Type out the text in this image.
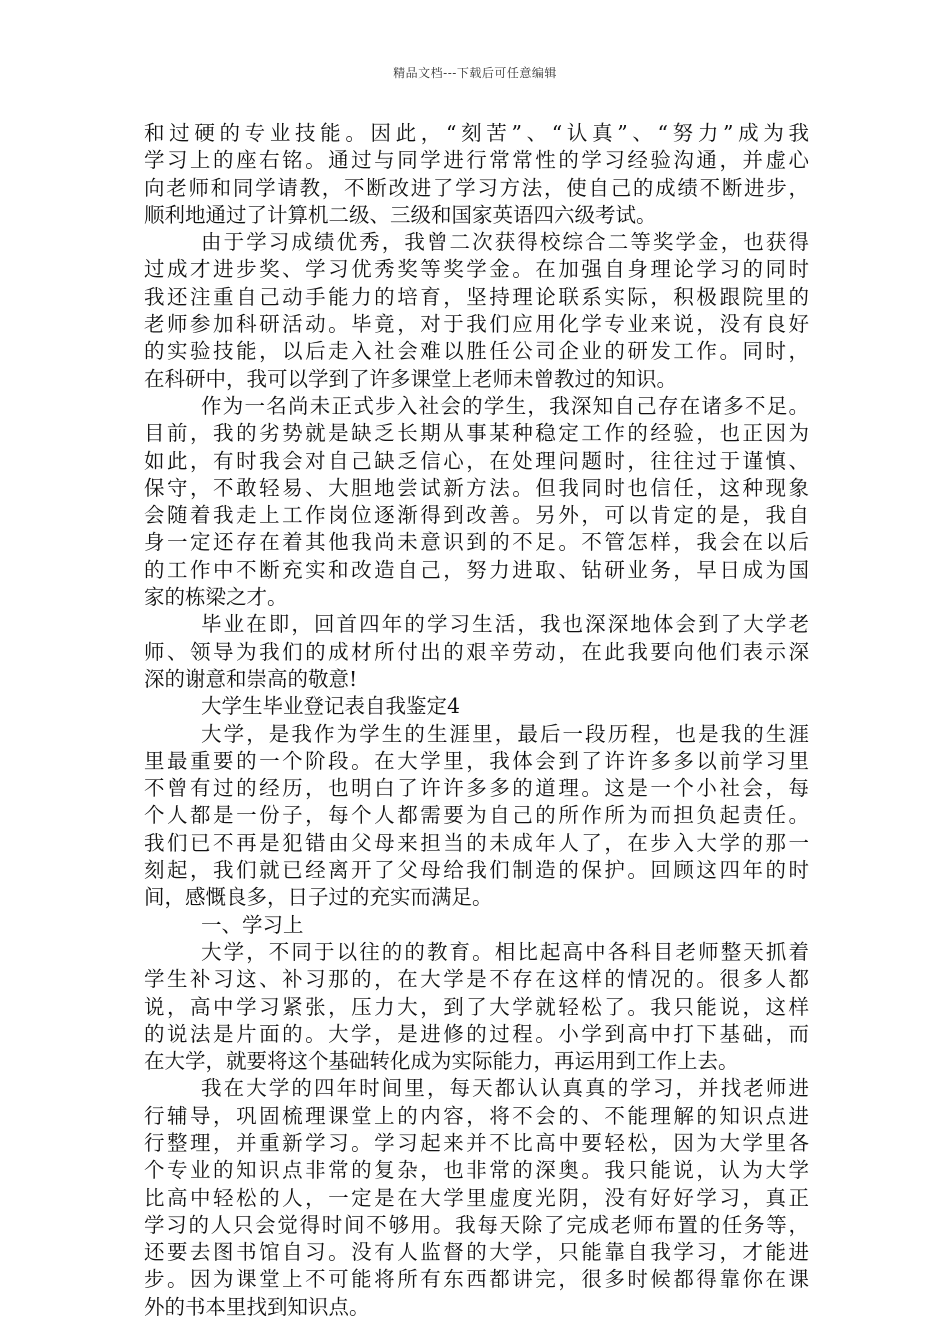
精品文档---下载后可任意编辑
和过硬的专业技能。因此，“刻苦”、“认真”、“努力”成为我
学习上的座右铭。通过与同学进行常常性的学习经验沟通，并虚心
向老师和同学请教，不断改进了学习方法，使自己的成绩不断进步，
顺利地通过了计算机二级、三级和国家英语四六级考试。
由于学习成绩优秀，我曾二次获得校综合二等奖学金，也获得
过成才进步奖、学习优秀奖等奖学金。在加强自身理论学习的同时
我还注重自己动手能力的培育，坚持理论联系实际，积极跟院里的
老师参加科研活动。毕竟，对于我们应用化学专业来说，没有良好
的实验技能，以后走入社会难以胜任公司企业的研发工作。同时，
在科研中，我可以学到了许多课堂上老师未曾教过的知识。
作为一名尚未正式步入社会的学生，我深知自己存在诸多不足。
目前，我的劣势就是缺乏长期从事某种稳定工作的经验，也正因为
如此，有时我会对自己缺乏信心，在处理问题时，往往过于谨慎、
保守，不敢轻易、大胆地尝试新方法。但我同时也信任，这种现象
会随着我走上工作岗位逐渐得到改善。另外，可以肯定的是，我自
身一定还存在着其他我尚未意识到的不足。不管怎样，我会在以后
的工作中不断充实和改造自己，努力进取、钻研业务，早日成为国
家的栋梁之才。
毕业在即，回首四年的学习生活，我也深深地体会到了大学老
师、领导为我们的成材所付出的艰辛劳动，在此我要向他们表示深
深的谢意和崇高的敬意!
大学生毕业登记表自我鉴定4
大学，是我作为学生的生涯里，最后一段历程，也是我的生涯
里最重要的一个阶段。在大学里，我体会到了许许多多以前学习里
不曾有过的经历，也明白了许许多多的道理。这是一个小社会，每
个人都是一份子，每个人都需要为自己的所作所为而担负起责任。
我们已不再是犯错由父母来担当的未成年人了，在步入大学的那一
刻起，我们就已经离开了父母给我们制造的保护。回顾这四年的时
间，感慨良多，日子过的充实而满足。
一、学习上
大学，不同于以往的的教育。相比起高中各科目老师整天抓着
学生补习这、补习那的，在大学是不存在这样的情况的。很多人都
说，高中学习紧张，压力大，到了大学就轻松了。我只能说，这样
的说法是片面的。大学，是进修的过程。小学到高中打下基础，而
在大学，就要将这个基础转化成为实际能力，再运用到工作上去。
我在大学的四年时间里，每天都认认真真的学习，并找老师进
行辅导，巩固梳理课堂上的内容，将不会的、不能理解的知识点进
行整理，并重新学习。学习起来并不比高中要轻松，因为大学里各
个专业的知识点非常的复杂，也非常的深奥。我只能说，认为大学
比高中轻松的人，一定是在大学里虚度光阴，没有好好学习，真正
学习的人只会觉得时间不够用。我每天除了完成老师布置的任务等，
还要去图书馆自习。没有人监督的大学，只能靠自我学习，才能进
步。因为课堂上不可能将所有东西都讲完，很多时候都得靠你在课
外的书本里找到知识点。
